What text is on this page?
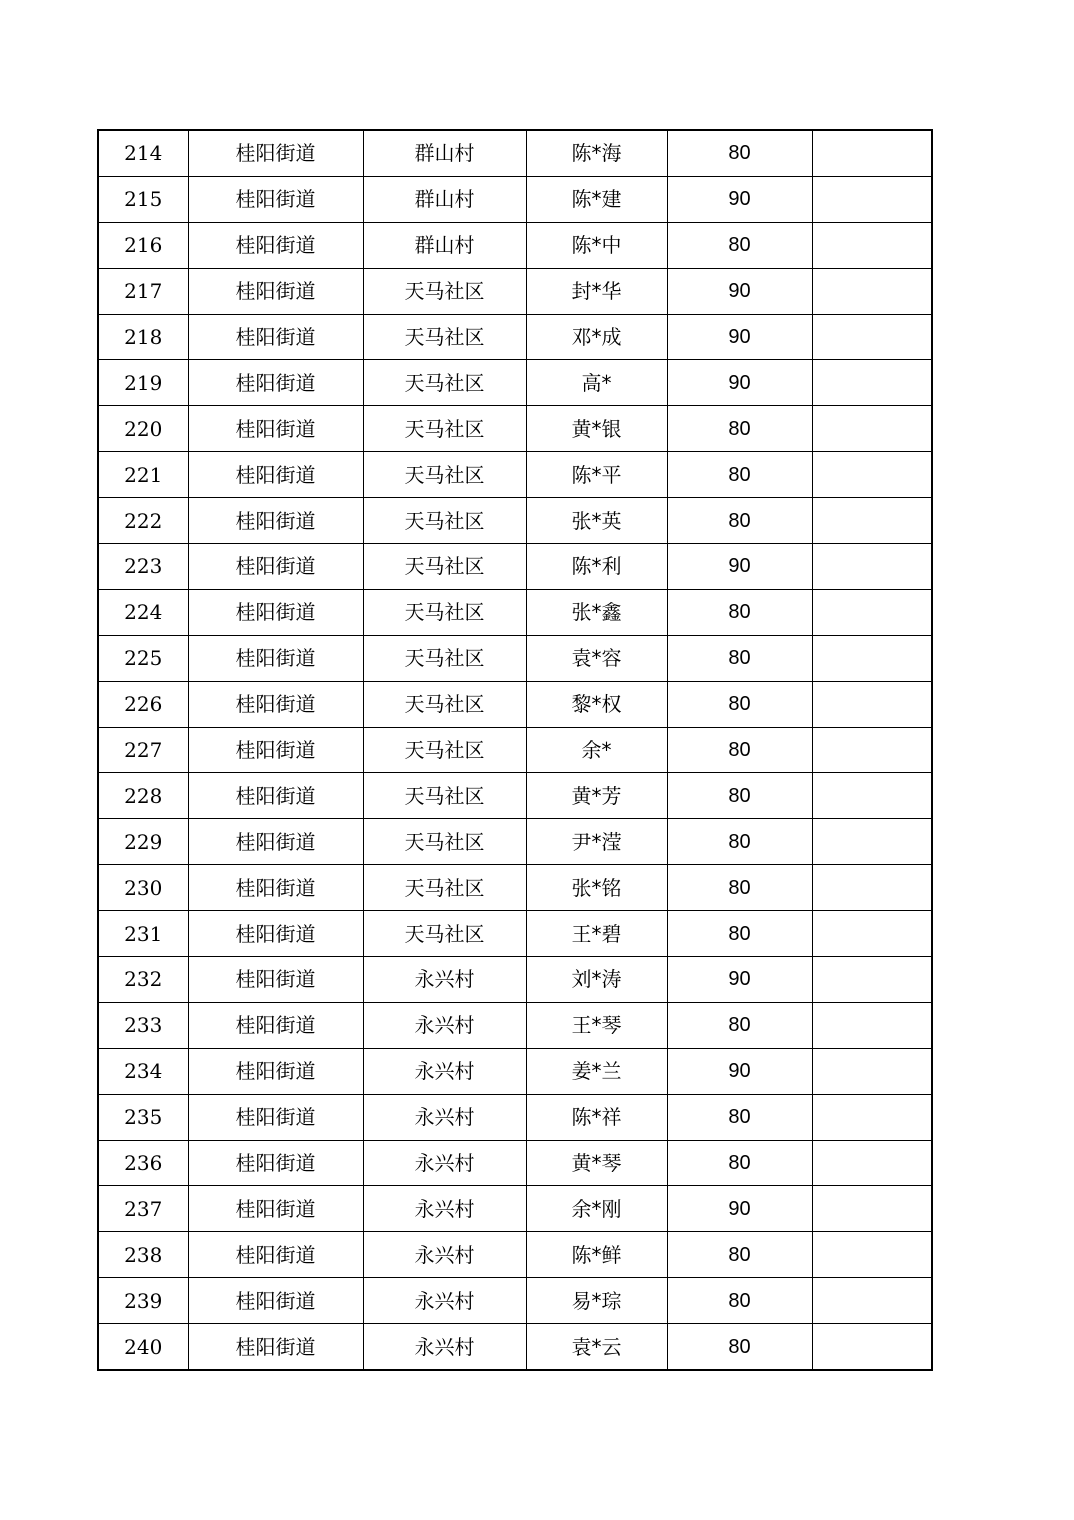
214	桂阳街道	群山村	陈*海	80	
215	桂阳街道	群山村	陈*建	90	
216	桂阳街道	群山村	陈*中	80	
217	桂阳街道	天马社区	封*华	90	
218	桂阳街道	天马社区	邓*成	90	
219	桂阳街道	天马社区	高*	90	
220	桂阳街道	天马社区	黄*银	80	
221	桂阳街道	天马社区	陈*平	80	
222	桂阳街道	天马社区	张*英	80	
223	桂阳街道	天马社区	陈*利	90	
224	桂阳街道	天马社区	张*鑫	80	
225	桂阳街道	天马社区	袁*容	80	
226	桂阳街道	天马社区	黎*权	80	
227	桂阳街道	天马社区	余*	80	
228	桂阳街道	天马社区	黄*芳	80	
229	桂阳街道	天马社区	尹*滢	80	
230	桂阳街道	天马社区	张*铭	80	
231	桂阳街道	天马社区	王*碧	80	
232	桂阳街道	永兴村	刘*涛	90	
233	桂阳街道	永兴村	王*琴	80	
234	桂阳街道	永兴村	姜*兰	90	
235	桂阳街道	永兴村	陈*祥	80	
236	桂阳街道	永兴村	黄*琴	80	
237	桂阳街道	永兴村	余*刚	90	
238	桂阳街道	永兴村	陈*鲜	80	
239	桂阳街道	永兴村	易*琮	80	
240	桂阳街道	永兴村	袁*云	80	
